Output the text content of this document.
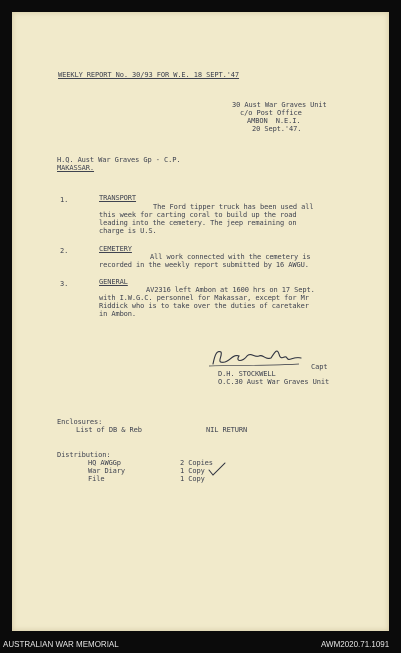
WEEKLY REPORT No. 30/93 FOR W.E. 18 SEPT.'47
30 Aust War Graves Unit
c/o Post Office
AMBON  N.E.I.
20 Sept.'47.
H.Q. Aust War Graves Gp - C.P.
MAKASSAR.
1.	TRANSPORT
The Ford tipper truck has been used all
this week for carting coral to build up the road
leading into the cemetery. The jeep remaining on
charge is U.S.
2.	CEMETERY
All work connected with the cemetery is
recorded in the weekly report submitted by 16 AWGU.
3.	GENERAL
AV2316 left Ambon at 1600 hrs on 17 Sept.
with I.W.G.C. personnel for Makassar, except for Mr
Riddick who is to take over the duties of caretaker
in Ambon.
Capt
D.H. STOCKWELL
O.C.30 Aust War Graves Unit
Enclosures:
List of DB & Reb	NIL RETURN
Distribution:
HQ AWGGp	2 Copies
War Diary	1 Copy
File	1 Copy
AUSTRALIAN WAR MEMORIAL	AWM2020.71.1091
